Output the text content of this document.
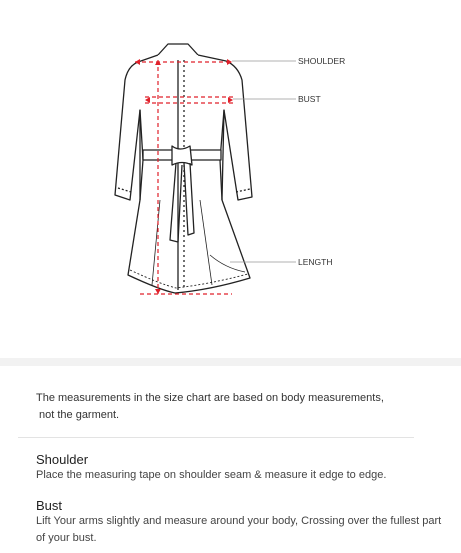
SHOULDER
BUST
LENGTH
The measurements in the size chart are based on body measurements,
not the garment.
Shoulder
Place the measuring tape on shoulder seam & measure it edge to edge.
Bust
Lift Your arms slightly and measure around your body, Crossing over the fullest part of your bust.
